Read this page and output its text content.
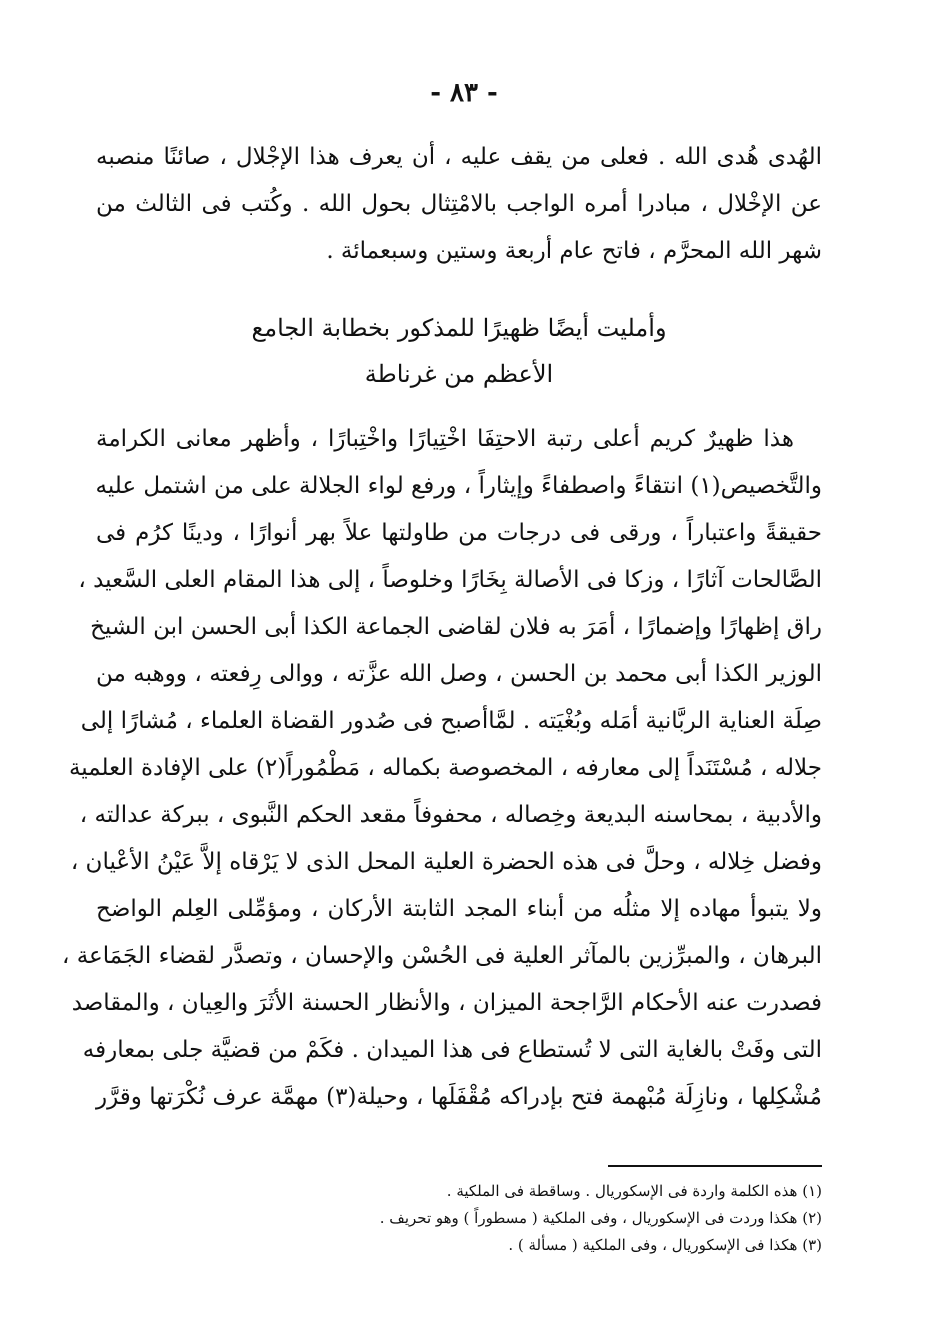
- ٨٣ -
الهُدى هُدى الله . فعلى من يقف عليه ، أن يعرف هذا الإجْلال ، صائنًا منصبه
عن الإخْلال ، مبادرا أمره الواجب بالامْتِثال بحول الله . وكُتب فى الثالث من
شهر الله المحرَّم ، فاتح عام أربعة وستين وسبعمائة .
وأمليت أيضًا ظهيرًا للمذكور بخطابة الجامع
الأعظم من غرناطة
هذا ظهيرٌ كريم أعلى رتبة الاحتِفَا اخْتِيارًا واخْتِبارًا ، وأظهر معانى الكرامة
والتَّخصيص(١) انتقاءً واصطفاءً وإيثاراً ، ورفع لواء الجلالة على من اشتمل عليه
حقيقةً واعتباراً ، ورقى فى درجات من طاولتها علاً بهر أنوارًا ، ودينًا كرُم فى
الصَّالحات آثارًا ، وزكا فى الأصالة بِخَارًا وخلوصاً ، إلى هذا المقام العلى السَّعيد ،
راق إظهارًا وإضمارًا ، أمَرَ به فلان لقاضى الجماعة الكذا أبى الحسن ابن الشيخ
الوزير الكذا أبى محمد بن الحسن ، وصل الله عزَّته ، ووالى رِفعته ، ووهبه من
صِلَة العناية الربَّانية أمَله وبُغْيَته . لمَّاأصبح فى صُدور القضاة العلماء ، مُشارًا إلى
جلاله ، مُسْتَنَداً إلى معارفه ، المخصوصة بكماله ، مَطْمُوراً(٢) على الإفادة العلمية
والأدبية ، بمحاسنه البديعة وخِصاله ، محفوفاً مقعد الحكم النَّبوى ، ببركة عدالته ،
وفضل خِلاله ، وحلَّ فى هذه الحضرة العلية المحل الذى لا يَرْقاه إلاَّ عَيْنُ الأعْيان ،
ولا يتبوأ مهاده إلا مثلُه من أبناء المجد الثابتة الأركان ، ومؤمِّلى العِلم الواضح
البرهان ، والمبرِّزين بالمآثر العلية فى الحُسْن والإحسان ، وتصدَّر لقضاء الجَمَاعة ،
فصدرت عنه الأحكام الرَّاجحة الميزان ، والأنظار الحسنة الأثَرَ والعِيان ، والمقاصد
التى وفَتْ بالغاية التى لا تُستطاع فى هذا الميدان . فكَمْ من قضيَّة جلى بمعارفه
مُشْكِلها ، ونازِلَة مُبْهمة فتح بإدراكه مُقْفَلَها ، وحيلة(٣) مهمَّة عرف نُكْرَتها وقرَّر
(١) هذه الكلمة واردة فى الإسكوريال . وساقطة فى الملكية .
(٢) هكذا وردت فى الإسكوريال ، وفى الملكية ( مسطوراً ) وهو تحريف .
(٣) هكذا فى الإسكوريال ، وفى الملكية ( مسألة ) .
